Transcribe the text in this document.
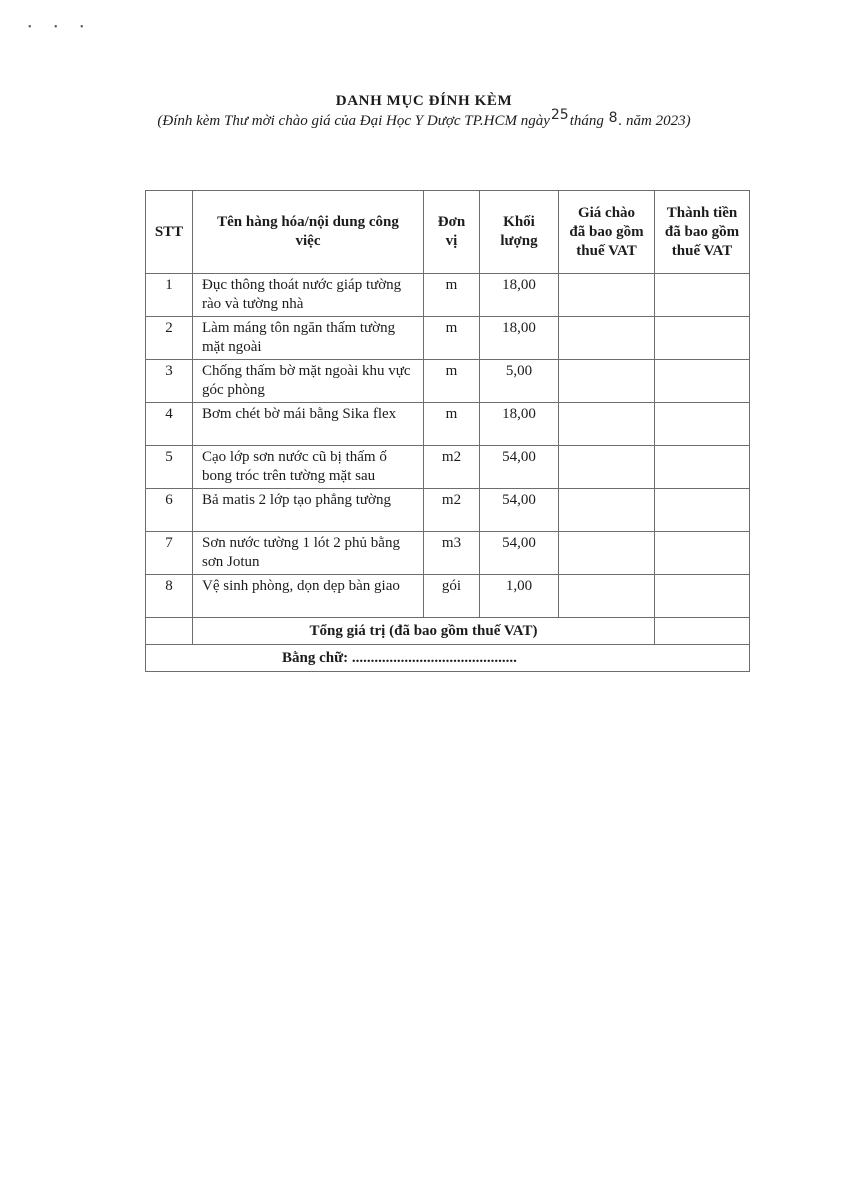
• • •
DANH MỤC ĐÍNH KÈM
(Đính kèm Thư mời chào giá của Đại Học Y Dược TP.HCM ngày25tháng 8. năm 2023)
STT	Tên hàng hóa/nội dung công việc	Đơn vị	Khối lượng	Giá chào đã bao gồm thuế VAT	Thành tiền đã bao gồm thuế VAT
1	Đục thông thoát nước giáp tường rào và tường nhà	m	18,00		
2	Làm máng tôn ngăn thấm tường mặt ngoài	m	18,00		
3	Chống thấm bờ mặt ngoài khu vực góc phòng	m	5,00		
4	Bơm chét bờ mái bằng Sika flex	m	18,00		
5	Cạo lớp sơn nước cũ bị thấm ố bong tróc trên tường mặt sau	m2	54,00		
6	Bả matis 2 lớp tạo phẳng tường	m2	54,00		
7	Sơn nước tường 1 lót 2 phủ bằng sơn Jotun	m3	54,00		
8	Vệ sinh phòng, dọn dẹp bàn giao	gói	1,00		
	Tổng giá trị (đã bao gồm thuế VAT)				
Bằng chữ: ............................................					
